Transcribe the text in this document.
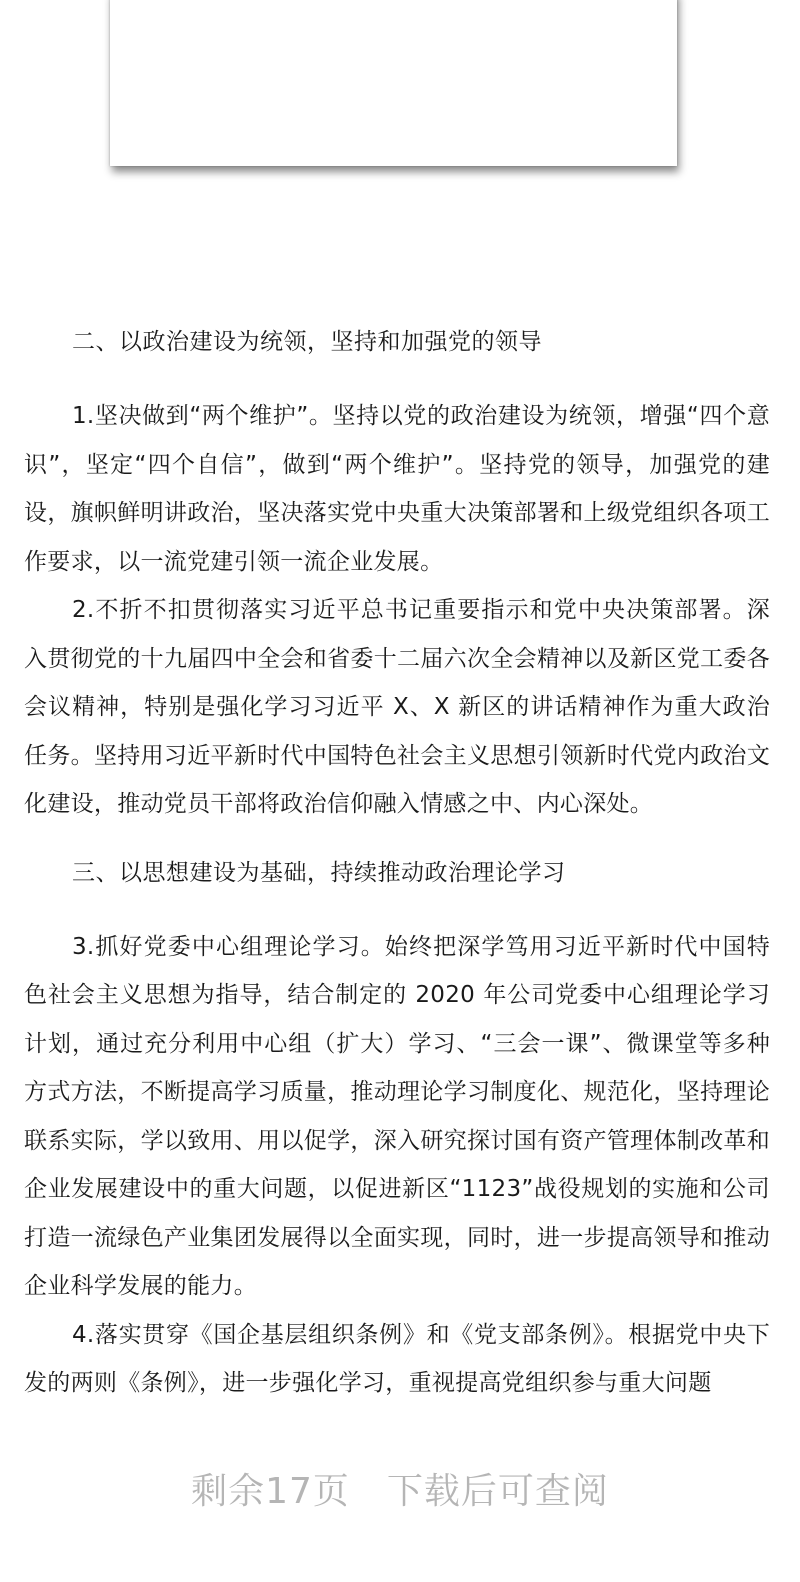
二、以政治建设为统领，坚持和加强党的领导

1.坚决做到“两个维护”。坚持以党的政治建设为统领，增强“四个意识”，坚定“四个自信”，做到“两个维护”。坚持党的领导，加强党的建设，旗帜鲜明讲政治，坚决落实党中央重大决策部署和上级党组织各项工作要求，以一流党建引领一流企业发展。

2.不折不扣贯彻落实习近平总书记重要指示和党中央决策部署。深入贯彻党的十九届四中全会和省委十二届六次全会精神以及新区党工委各会议精神，特别是强化学习习近平 X、X 新区的讲话精神作为重大政治任务。坚持用习近平新时代中国特色社会主义思想引领新时代党内政治文化建设，推动党员干部将政治信仰融入情感之中、内心深处。

三、以思想建设为基础，持续推动政治理论学习

3.抓好党委中心组理论学习。始终把深学笃用习近平新时代中国特色社会主义思想为指导，结合制定的 2020 年公司党委中心组理论学习计划，通过充分利用中心组（扩大）学习、“三会一课”、微课堂等多种方式方法，不断提高学习质量，推动理论学习制度化、规范化，坚持理论联系实际，学以致用、用以促学，深入研究探讨国有资产管理体制改革和企业发展建设中的重大问题，以促进新区“1123”战役规划的实施和公司打造一流绿色产业集团发展得以全面实现，同时，进一步提高领导和推动企业科学发展的能力。

4.落实贯穿《国企基层组织条例》和《党支部条例》。根据党中央下发的两则《条例》，进一步强化学习，重视提高党组织参与重大问题

剩余17页　下载后可查阅
